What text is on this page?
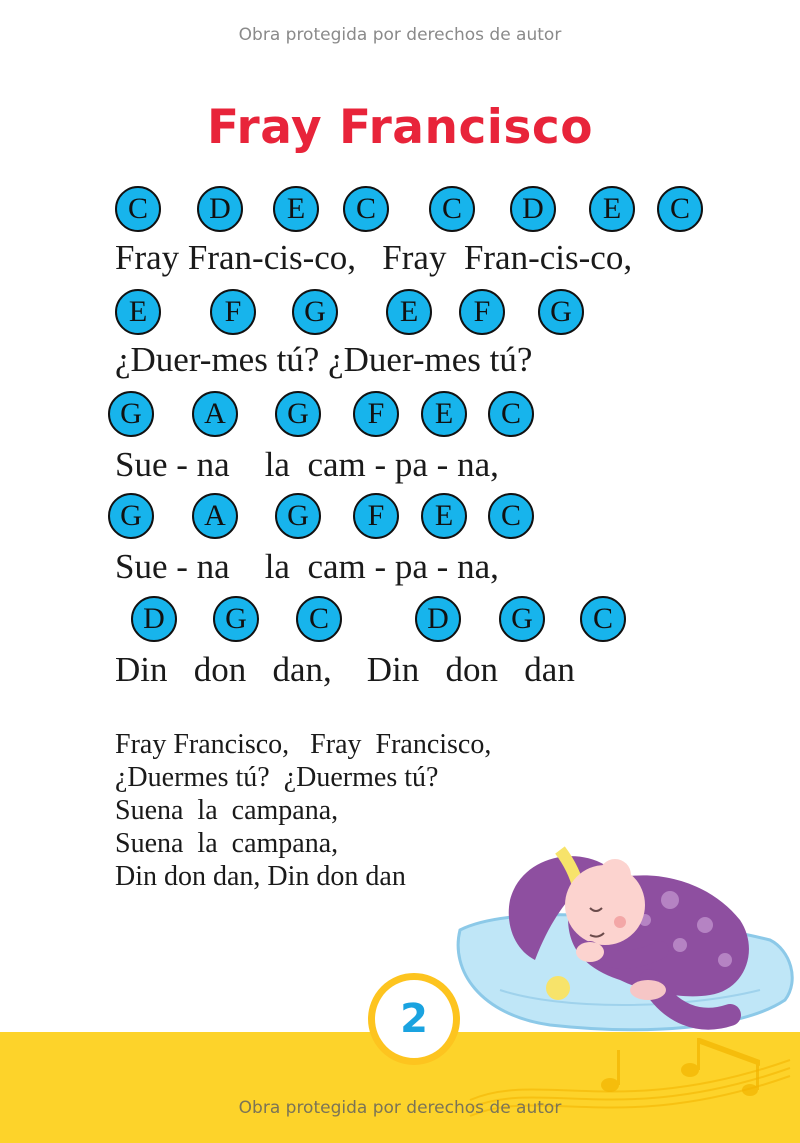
Obra protegida por derechos de autor
Fray Francisco
C	D	E	C	C	D	E	C
Fray Fran-cis-co,   Fray  Fran-cis-co,
E	F	G	E	F	G
¿Duer-mes tú? ¿Duer-mes tú?
G	A	G	F	E	C
Sue - na    la  cam - pa - na,
G	A	G	F	E	C
Sue - na    la  cam - pa - na,
D	G	C	D	G	C
Din   don   dan,    Din   don   dan
Fray Francisco,   Fray  Francisco,
¿Duermes tú?  ¿Duermes tú?
Suena  la  campana,
Suena  la  campana,
Din don dan, Din don dan
2
Obra protegida por derechos de autor
